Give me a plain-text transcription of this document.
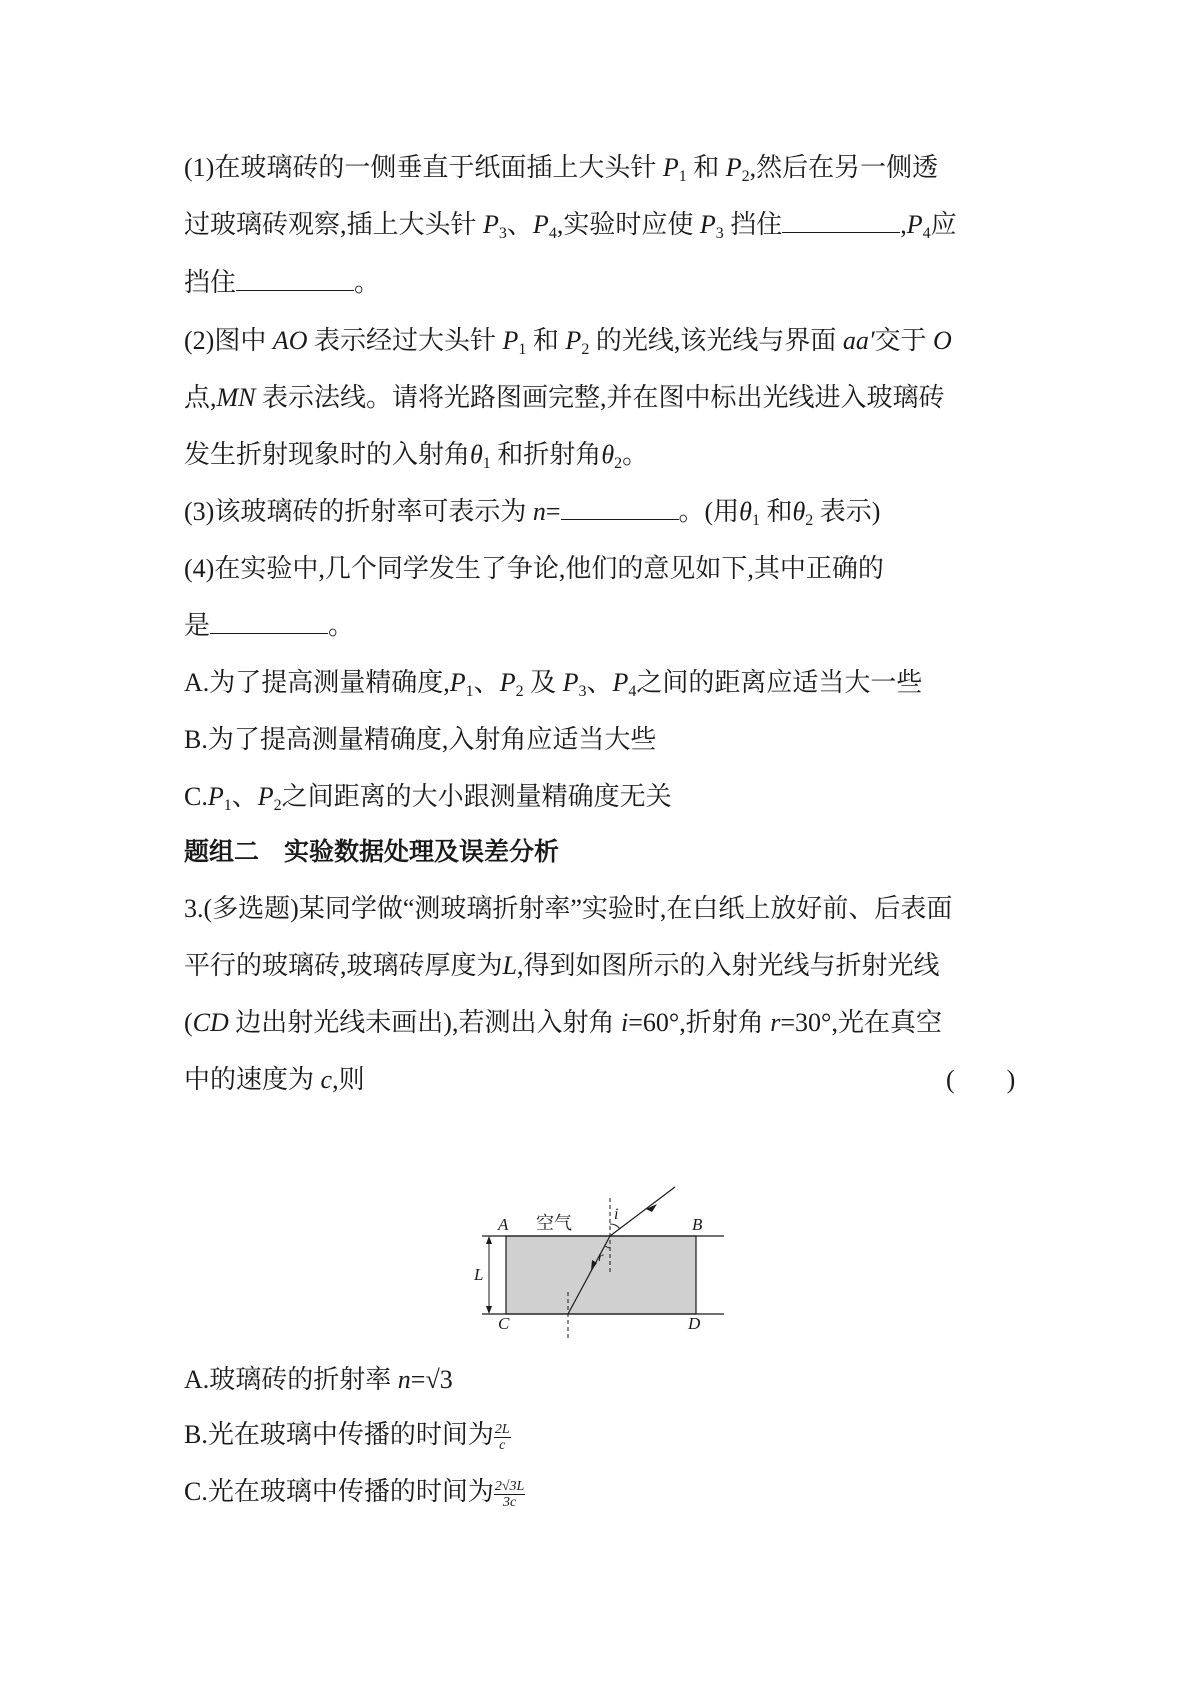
(1)在玻璃砖的一侧垂直于纸面插上大头针 $P_1$ 和 $P_2$,然后在另一侧透
过玻璃砖观察,插上大头针 $P_3$、$P_4$,实验时应使 $P_3$ 挡住	$,P_4$应
挡住	。
(2)图中 AO 表示经过大头针 $P_1$ 和 $P_2$ 的光线,该光线与界面 aa′交于 O
点,MN 表示法线。请将光路图画完整,并在图中标出光线进入玻璃砖
发生折射现象时的入射角$\theta_1$ 和折射角$\theta_2$。
(3)该玻璃砖的折射率可表示为 n=	。(用$\theta_1$ 和$\theta_2$ 表示)
(4)在实验中,几个同学发生了争论,他们的意见如下,其中正确的
是	。
A.为了提高测量精确度$,P_1$、$P_2$ 及 $P_3$、$P_4$之间的距离应适当大一些
B.为了提高测量精确度,入射角应适当大些
$C.P_1$、$P_2$之间距离的大小跟测量精确度无关
题组二　实验数据处理及误差分析
3.(多选题)某同学做“测玻璃折射率”实验时,在白纸上放好前、后表面
平行的玻璃砖,玻璃砖厚度为L,得到如图所示的入射光线与折射光线
(CD 边出射光线未画出),若测出入射角 i=60°,折射角 r=30°,光在真空
中的速度为 c,则	(　　)
A	B
C	D
空气	i
r
L
A.玻璃砖的折射率 n=√3
B.光在玻璃中传播的时间为 $\frac{2L}{c}$
C.光在玻璃中传播的时间为 $\frac{2√3L}{3c}$
